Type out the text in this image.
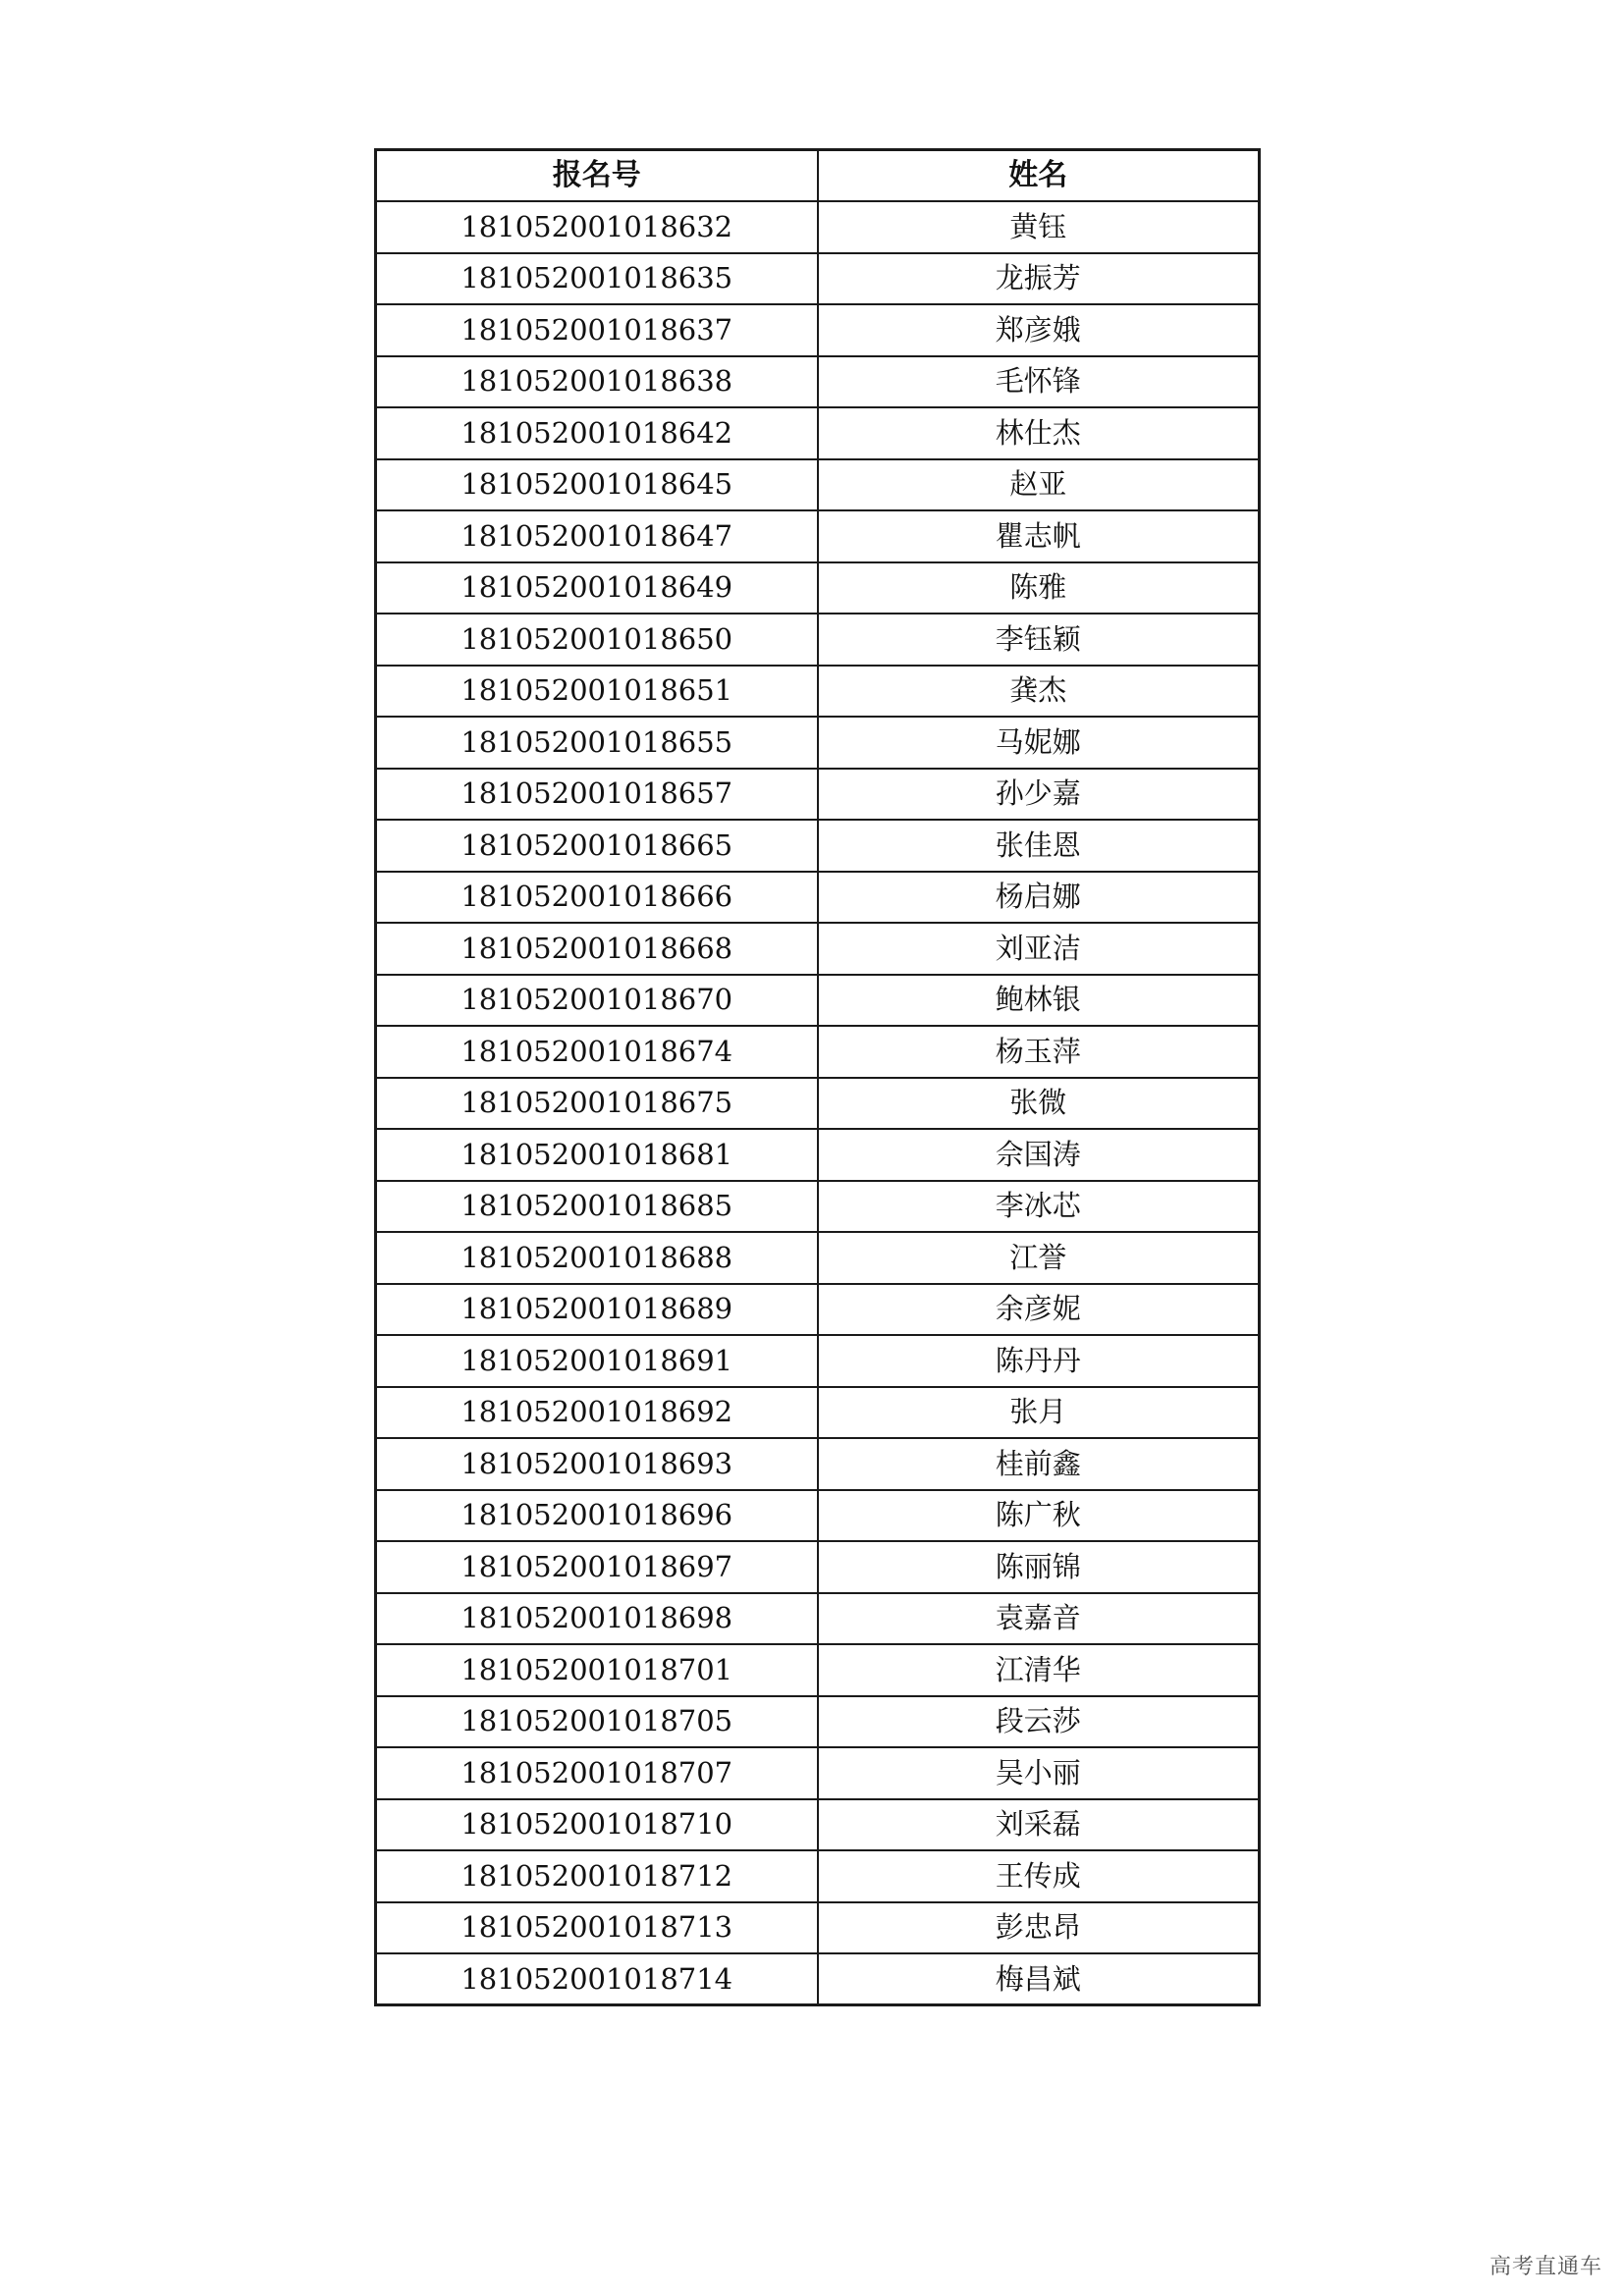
报名号	姓名
181052001018632	黄钰
181052001018635	龙振芳
181052001018637	郑彦娥
181052001018638	毛怀锋
181052001018642	林仕杰
181052001018645	赵亚
181052001018647	瞿志帆
181052001018649	陈雅
181052001018650	李钰颖
181052001018651	龚杰
181052001018655	马妮娜
181052001018657	孙少嘉
181052001018665	张佳恩
181052001018666	杨启娜
181052001018668	刘亚洁
181052001018670	鲍林银
181052001018674	杨玉萍
181052001018675	张微
181052001018681	佘国涛
181052001018685	李冰芯
181052001018688	江誉
181052001018689	余彦妮
181052001018691	陈丹丹
181052001018692	张月
181052001018693	桂前鑫
181052001018696	陈广秋
181052001018697	陈丽锦
181052001018698	袁嘉音
181052001018701	江清华
181052001018705	段云莎
181052001018707	吴小丽
181052001018710	刘采磊
181052001018712	王传成
181052001018713	彭忠昂
181052001018714	梅昌斌
高考直通车
